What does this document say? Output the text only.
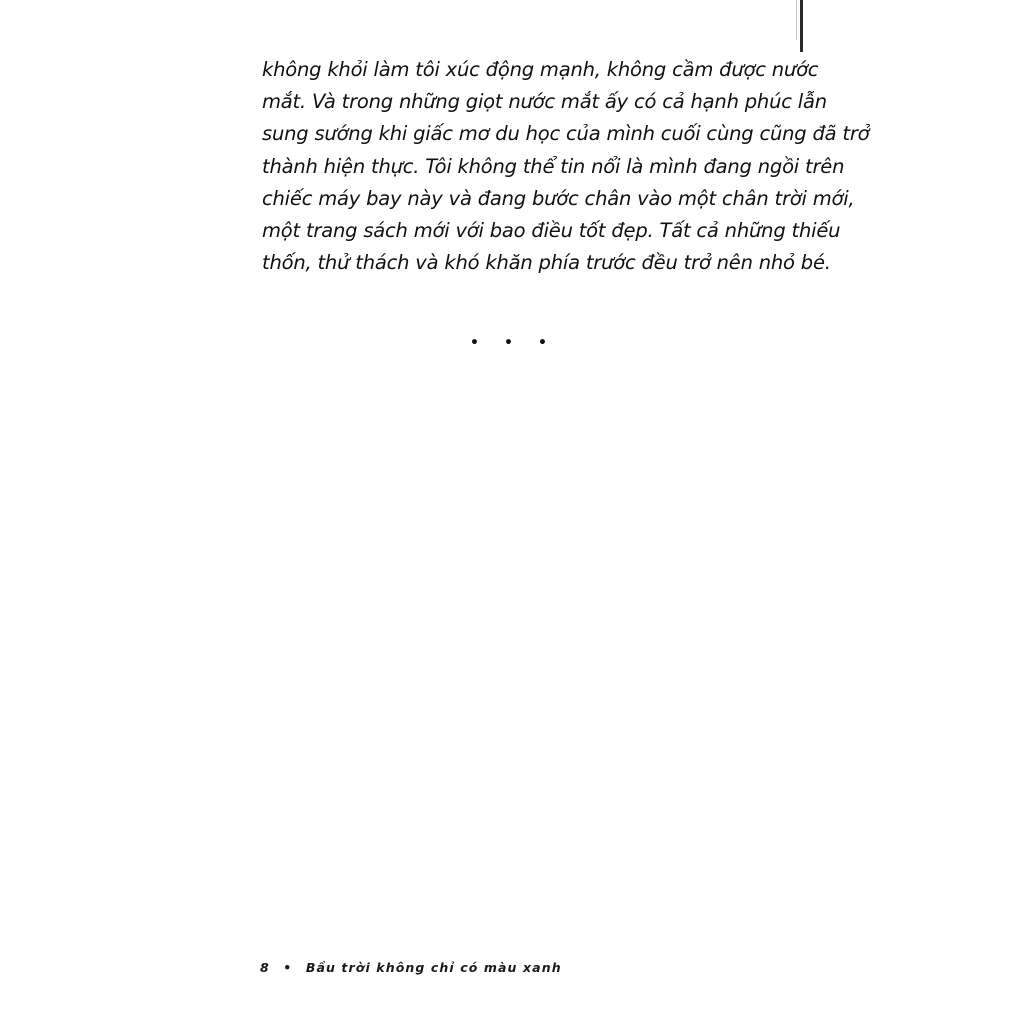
không khỏi làm tôi xúc động mạnh, không cầm được nước
mắt. Và trong những giọt nước mắt ấy có cả hạnh phúc lẫn
sung sướng khi giấc mơ du học của mình cuối cùng cũng đã trở
thành hiện thực. Tôi không thể tin nổi là mình đang ngồi trên
chiếc máy bay này và đang bước chân vào một chân trời mới,
một trang sách mới với bao điều tốt đẹp. Tất cả những thiếu
thốn, thử thách và khó khăn phía trước đều trở nên nhỏ bé.

• • •
8 • Bầu trời không chỉ có màu xanh
